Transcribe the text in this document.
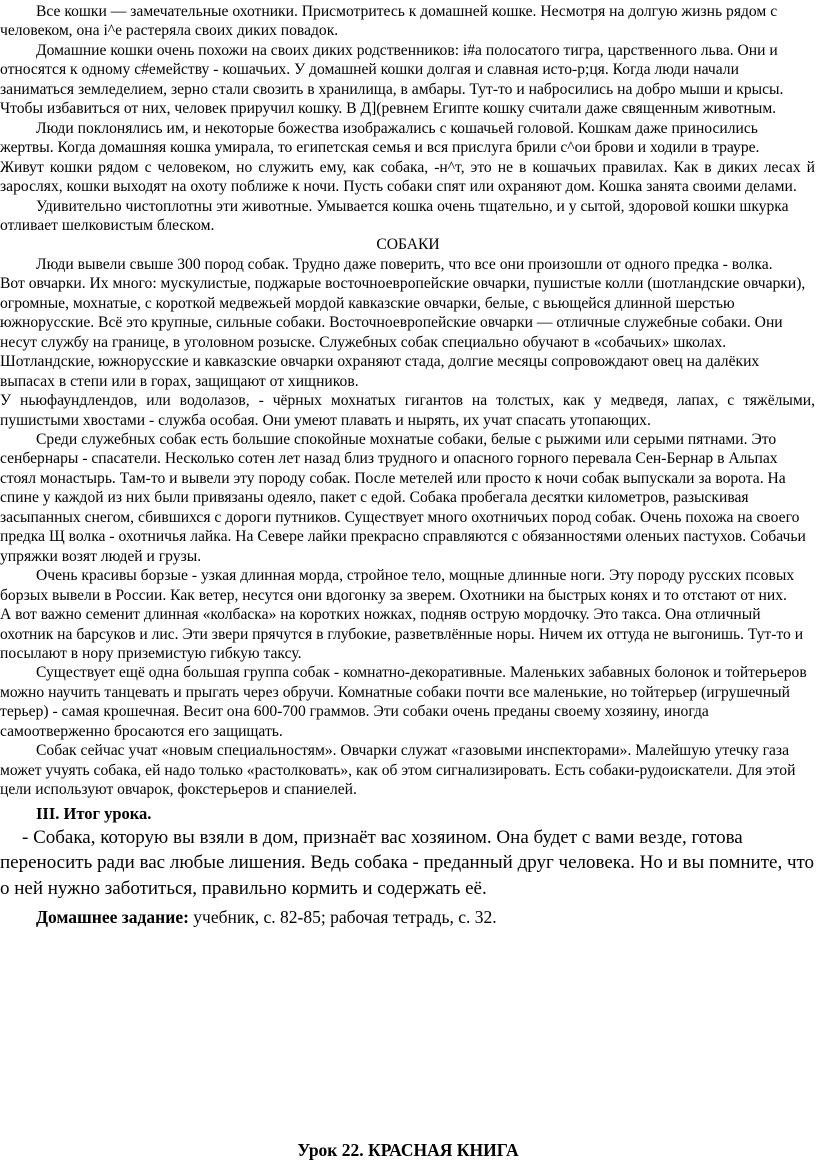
Все кошки — замечательные охотники. Присмотритесь к домашней кошке. Несмотря на долгую жизнь рядом с человеком, она і^е растеряла своих диких повадок.

Домашние кошки очень похожи на своих диких родственников: і#а полосатого тигра, царственного льва. Они и относятся к одному с#емейству - кошачьих. У домашней кошки долгая и славная исто-р;ця. Когда люди начали заниматься земледелием, зерно стали свозить в хранилища, в амбары. Тут-то и набросились на добро мыши и крысы. Чтобы избавиться от них, человек приручил кошку. В Д](ревнем Египте кошку считали даже священным животным.

Люди поклонялись им, и некоторые божества изображались с кошачьей головой. Кошкам даже приносились жертвы. Когда домашняя кошка умирала, то египетская семья и вся прислуга брили с^ои брови и ходили в трауре.

Живут кошки рядом с человеком, но служить ему, как собака, -н^т, это не в кошачьих правилах. Как в диких лесах й зарослях, кошки выходят на охоту поближе к ночи. Пусть собаки спят или охраняют дом. Кошка занята своими делами.

Удивительно чистоплотны эти животные. Умывается кошка очень тщательно, и у сытой, здоровой кошки шкурка отливает шелковистым блеском.

СОБАКИ

Люди вывели свыше 300 пород собак. Трудно даже поверить, что все они произошли от одного предка - волка.

Вот овчарки. Их много: мускулистые, поджарые восточноевропейские овчарки, пушистые колли (шотландские овчарки), огромные, мохнатые, с короткой медвежьей мордой кавказские овчарки, белые, с вьющейся длинной шерстью южнорусские. Всё это крупные, сильные собаки. Восточноевропейские овчарки — отличные служебные собаки. Они несут службу на границе, в уголовном розыске. Служебных собак специально обучают в «собачьих» школах. Шотландские, южнорусские и кавказские овчарки охраняют стада, долгие месяцы сопровождают овец на далёких выпасах в степи или в горах, защищают от хищников.

У ньюфаундлендов, или водолазов, - чёрных мохнатых гигантов на толстых, как у медведя, лапах, с тяжёлыми, пушистыми хвостами - служба особая. Они умеют плавать и нырять, их учат спасать утопающих.

Среди служебных собак есть большие спокойные мохнатые собаки, белые с рыжими или серыми пятнами. Это сенбернары - спасатели. Несколько сотен лет назад близ трудного и опасного горного перевала Сен-Бернар в Альпах стоял монастырь. Там-то и вывели эту породу собак. После метелей или просто к ночи собак выпускали за ворота. На спине у каждой из них были привязаны одеяло, пакет с едой. Собака пробегала десятки километров, разыскивая засыпанных снегом, сбившихся с дороги путников. Существует много охотничьих пород собак. Очень похожа на своего предка Щ волка - охотничья лайка. На Севере лайки прекрасно справляются с обязанностями оленьих пастухов. Собачьи упряжки возят людей и грузы.

Очень красивы борзые - узкая длинная морда, стройное тело, мощные длинные ноги. Эту породу русских псовых борзых вывели в России. Как ветер, несутся они вдогонку за зверем. Охотники на быстрых конях и то отстают от них.

А вот важно семенит длинная «колбаска» на коротких ножках, подняв острую мордочку. Это такса. Она отличный охотник на барсуков и лис. Эти звери прячутся в глубокие, разветвлённые норы. Ничем их оттуда не выгонишь. Тут-то и посылают в нору приземистую гибкую таксу.

Существует ещё одна большая группа собак - комнатно-декоративные. Маленьких забавных болонок и тойтерьеров можно научить танцевать и прыгать через обручи. Комнатные собаки почти все маленькие, но тойтерьер (игрушечный терьер) - самая крошечная. Весит она 600-700 граммов. Эти собаки очень преданы своему хозяину, иногда самоотверженно бросаются его защищать.

Собак сейчас учат «новым специальностям». Овчарки служат «газовыми инспекторами». Малейшую утечку газа может учуять собака, ей надо только «растолковать», как об этом сигнализировать. Есть собаки-рудоискатели. Для этой цели используют овчарок, фокстерьеров и спаниелей.

III. Итог урока.

- Собака, которую вы взяли в дом, признаёт вас хозяином. Она будет с вами везде, готова переносить ради вас любые лишения. Ведь собака - преданный друг человека. Но и вы помните, что о ней нужно заботиться, правильно кормить и содержать её.

Домашнее задание: учебник, с. 82-85; рабочая тетрадь, с. 32.

Урок 22. КРАСНАЯ КНИГА
